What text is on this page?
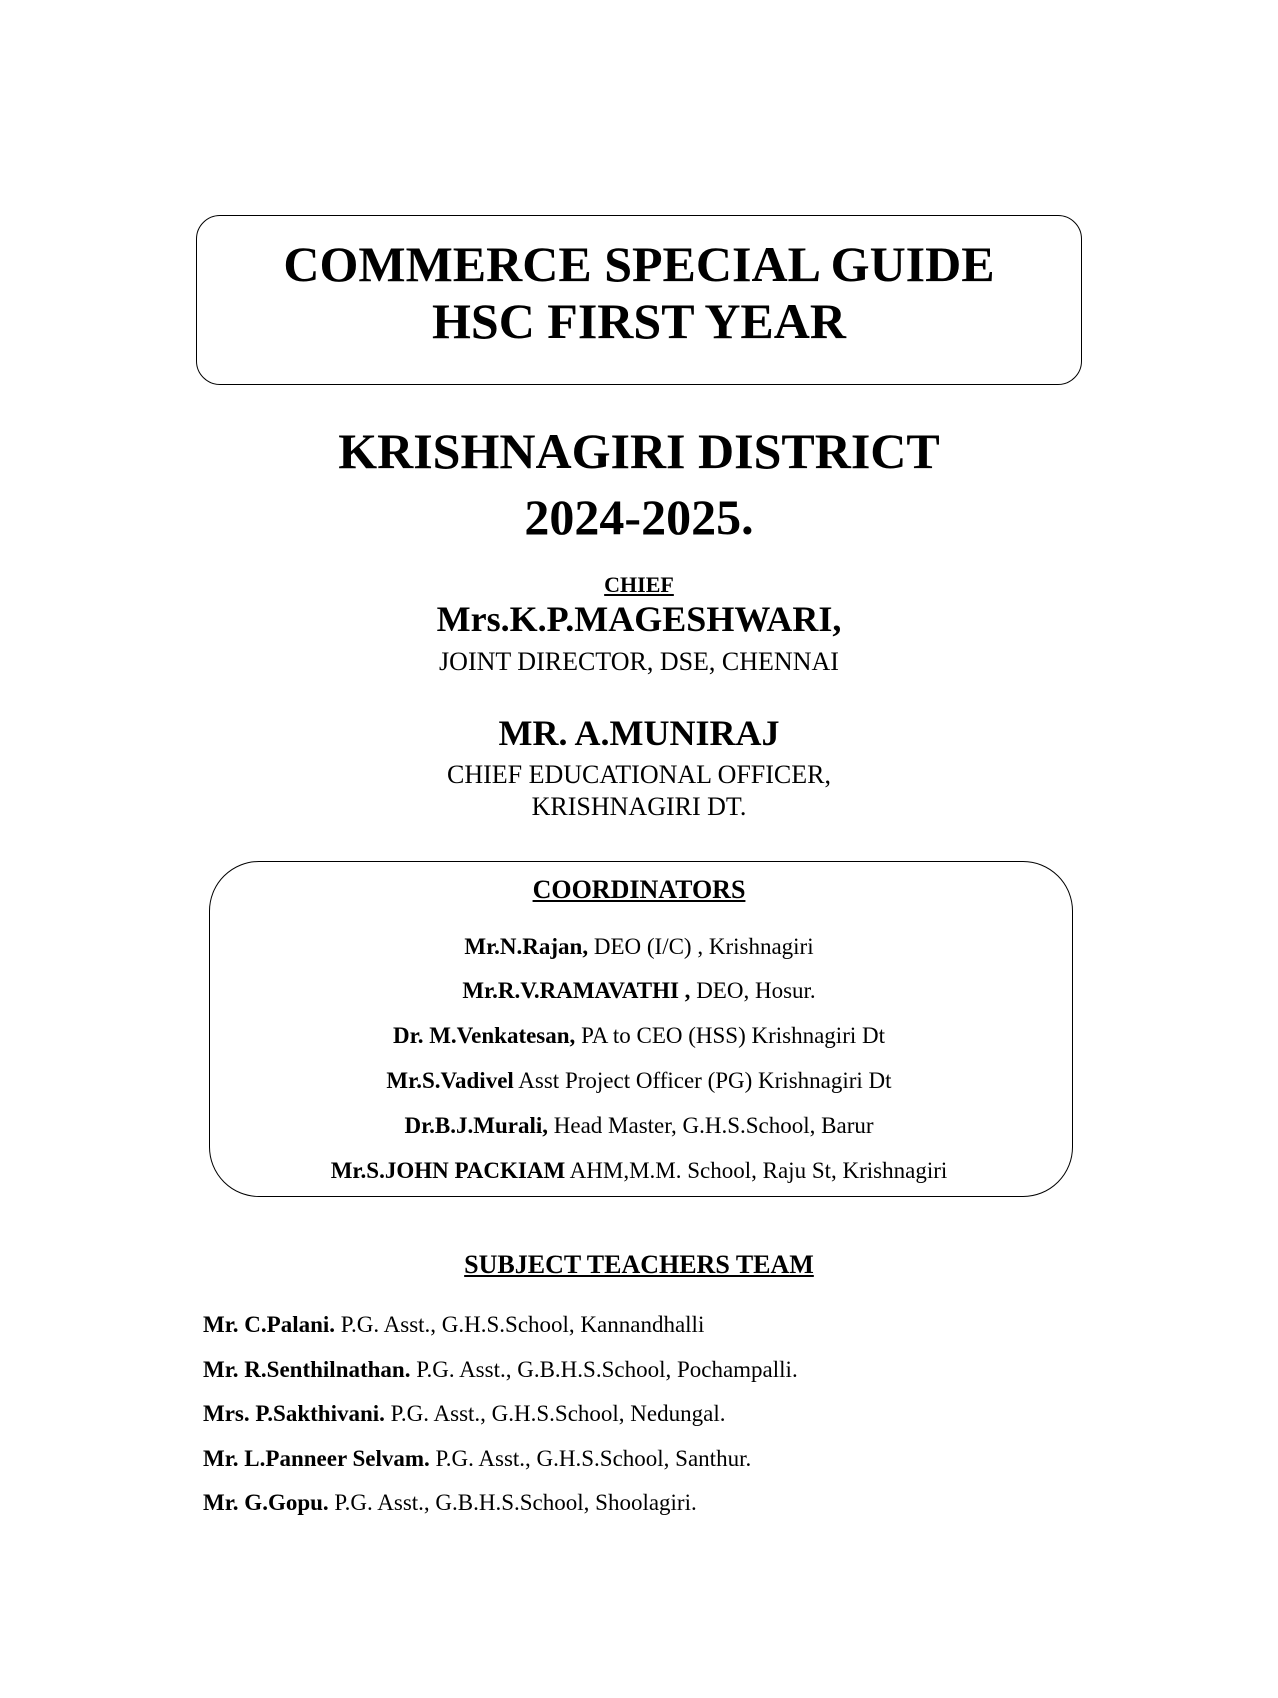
COMMERCE SPECIAL GUIDE
HSC FIRST YEAR
KRISHNAGIRI DISTRICT
2024-2025.
CHIEF
Mrs.K.P.MAGESHWARI,
JOINT DIRECTOR, DSE, CHENNAI
MR. A.MUNIRAJ
CHIEF EDUCATIONAL OFFICER,
KRISHNAGIRI DT.
COORDINATORS
Mr.N.Rajan, DEO (I/C) , Krishnagiri
Mr.R.V.RAMAVATHI , DEO, Hosur.
Dr. M.Venkatesan, PA to CEO (HSS) Krishnagiri Dt
Mr.S.Vadivel Asst Project Officer (PG) Krishnagiri Dt
Dr.B.J.Murali, Head Master, G.H.S.School, Barur
Mr.S.JOHN PACKIAM AHM,M.M. School, Raju St, Krishnagiri
SUBJECT TEACHERS TEAM
Mr. C.Palani. P.G. Asst., G.H.S.School, Kannandhalli
Mr. R.Senthilnathan. P.G. Asst., G.B.H.S.School, Pochampalli.
Mrs. P.Sakthivani. P.G. Asst., G.H.S.School, Nedungal.
Mr. L.Panneer Selvam. P.G. Asst., G.H.S.School, Santhur.
Mr. G.Gopu. P.G. Asst., G.B.H.S.School, Shoolagiri.
